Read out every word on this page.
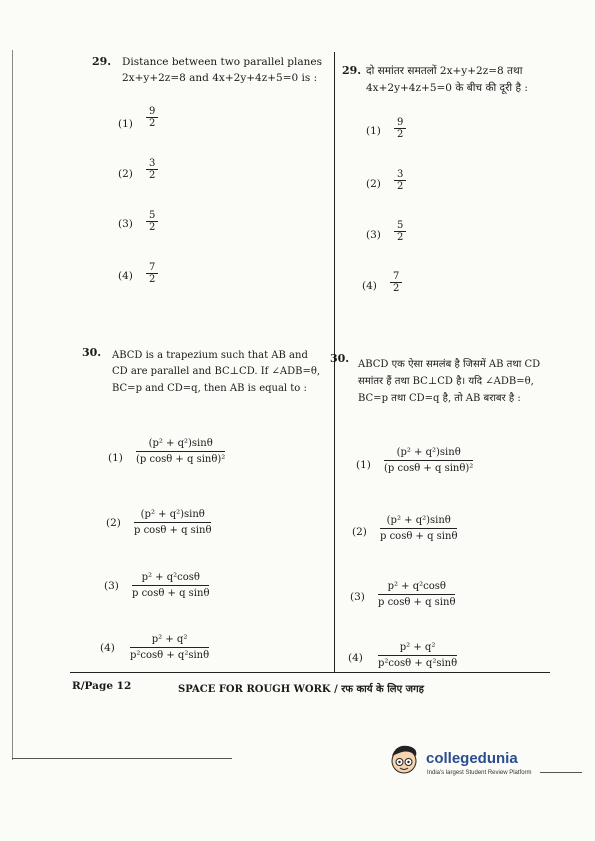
29. Distance between two parallel planes
2x+y+2z=8 and 4x+2y+4z+5=0 is :
(1)
9
2
(2)
3
2
(3)
5
2
(4)
7
2
29. दो समांतर समतलों 2x+y+2z=8 तथा
4x+2y+4z+5=0 के बीच की दूरी है :
(1)
9
2
(2)
3
2
(3)
5
2
(4)
7
2
30. ABCD is a trapezium such that AB and
CD are parallel and BC⊥CD. If ∠ADB=θ,
BC=p and CD=q, then AB is equal to :
(1)
(p² + q²)sinθ
(p cosθ + q sinθ)²
(2)
(p² + q²)sinθ
p cosθ + q sinθ
(3)
p² + q²cosθ
p cosθ + q sinθ
(4)
p² + q²
p²cosθ + q²sinθ
30. ABCD एक ऐसा समलंब है जिसमें AB तथा CD
समांतर हैं तथा BC⊥CD है। यदि ∠ADB=θ,
BC=p तथा CD=q है, तो AB बराबर है :
(1)
(p² + q²)sinθ
(p cosθ + q sinθ)²
(2)
(p² + q²)sinθ
p cosθ + q sinθ
(3)
p² + q²cosθ
p cosθ + q sinθ
(4)
p² + q²
p²cosθ + q²sinθ
R/Page 12	SPACE FOR ROUGH WORK / रफ कार्य के लिए जगह
collegedunia
India's largest Student Review Platform
